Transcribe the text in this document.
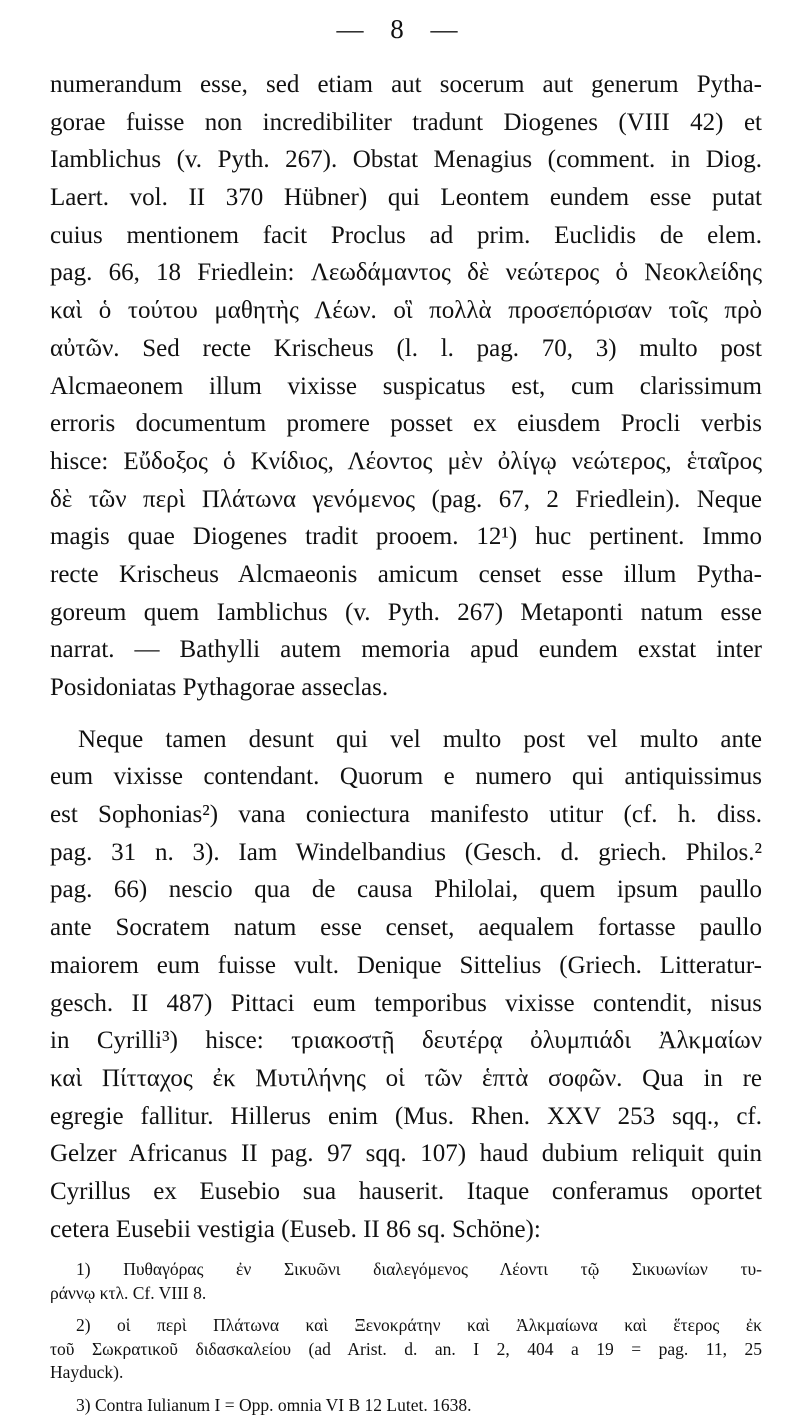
— 8 —
numerandum esse, sed etiam aut socerum aut generum Pytha-
gorae fuisse non incredibiliter tradunt Diogenes (VIII 42) et
Iamblichus (v. Pyth. 267). Obstat Menagius (comment. in Diog.
Laert. vol. II 370 Hübner) qui Leontem eundem esse putat
cuius mentionem facit Proclus ad prim. Euclidis de elem.
pag. 66, 18 Friedlein: Λεωδάμαντος δὲ νεώτερος ὁ Νεοκλείδης
καὶ ὁ τούτου μαθητὴς Λέων. οἳ πολλὰ προσεπόρισαν τοῖς πρὸ
αὐτῶν. Sed recte Krischeus (l. l. pag. 70, 3) multo post
Alcmaeonem illum vixisse suspicatus est, cum clarissimum
erroris documentum promere posset ex eiusdem Procli verbis
hisce: Εὔδοξος ὁ Κνίδιος, Λέοντος μὲν ὀλίγῳ νεώτερος, ἑταῖρος
δὲ τῶν περὶ Πλάτωνα γενόμενος (pag. 67, 2 Friedlein). Neque
magis quae Diogenes tradit prooem. 12¹) huc pertinent. Immo
recte Krischeus Alcmaeonis amicum censet esse illum Pytha-
goreum quem Iamblichus (v. Pyth. 267) Metaponti natum esse
narrat. — Bathylli autem memoria apud eundem exstat inter
Posidoniatas Pythagorae asseclas.
Neque tamen desunt qui vel multo post vel multo ante
eum vixisse contendant. Quorum e numero qui antiquissimus
est Sophonias²) vana coniectura manifesto utitur (cf. h. diss.
pag. 31 n. 3). Iam Windelbandius (Gesch. d. griech. Philos.²
pag. 66) nescio qua de causa Philolai, quem ipsum paullo
ante Socratem natum esse censet, aequalem fortasse paullo
maiorem eum fuisse vult. Denique Sittelius (Griech. Litteratur-
gesch. II 487) Pittaci eum temporibus vixisse contendit, nisus
in Cyrilli³) hisce: τριακοστῇ δευτέρᾳ ὀλυμπιάδι Ἀλκμαίων
καὶ Πίτταχος ἐκ Μυτιλήνης οἱ τῶν ἑπτὰ σοφῶν. Qua in re
egregie fallitur. Hillerus enim (Mus. Rhen. XXV 253 sqq., cf.
Gelzer Africanus II pag. 97 sqq. 107) haud dubium reliquit quin
Cyrillus ex Eusebio sua hauserit. Itaque conferamus oportet
cetera Eusebii vestigia (Euseb. II 86 sq. Schöne):
1) Πυθαγόρας ἐν Σικυῶνι διαλεγόμενος Λέοντι τῷ Σικυωνίων τυ-
ράννῳ κτλ. Cf. VIII 8.
2) οἱ περὶ Πλάτωνα καὶ Ξενοκράτην καὶ Ἀλκμαίωνα καὶ ἕτερος ἐκ
τοῦ Σωκρατικοῦ διδασκαλείου (ad Arist. d. an. I 2, 404 a 19 = pag. 11, 25
Hayduck).
3) Contra Iulianum I = Opp. omnia VI B 12 Lutet. 1638.
